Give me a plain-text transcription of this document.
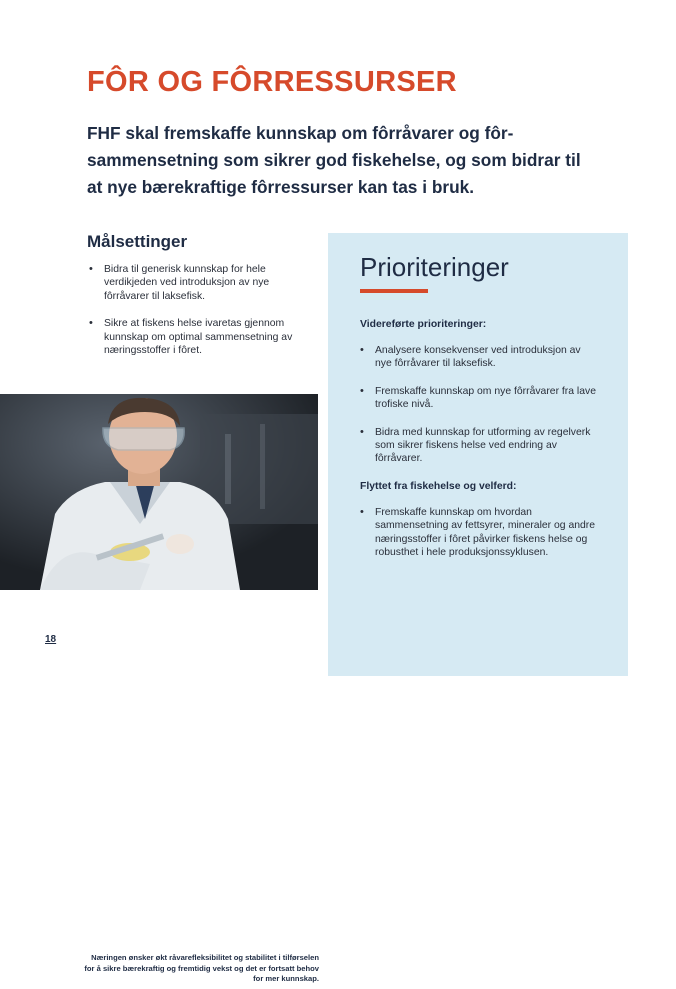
FÔR OG FÔRRESSURSER

FHF skal fremskaffe kunnskap om fôrråvarer og fôr-sammensetning som sikrer god fiskehelse, og som bidrar til at nye bærekraftige fôrressurser kan tas i bruk.

Målsettinger
• Bidra til generisk kunnskap for hele verdikjeden ved introduksjon av nye fôrråvarer til laksefisk.
• Sikre at fiskens helse ivaretas gjennom kunnskap om optimal sammensetning av næringsstoffer i fôret.
Næringen ønsker økt råvarefleksibilitet og stabilitet i tilførselen for å sikre bærekraftig og fremtidig vekst og det er fortsatt behov for mer kunnskap.
18
Prioriteringer

Videreførte prioriteringer:

• Analysere konsekvenser ved introduksjon av nye fôrråvarer til laksefisk.
• Fremskaffe kunnskap om nye fôrråvarer fra lave trofiske nivå.
• Bidra med kunnskap for utforming av regelverk som sikrer fiskens helse ved endring av fôrråvarer.

Flyttet fra fiskehelse og velferd:

• Fremskaffe kunnskap om hvordan sammensetning av fettsyrer, mineraler og andre næringsstoffer i fôret påvirker fiskens helse og robusthet i hele produksjonssyklusen.
